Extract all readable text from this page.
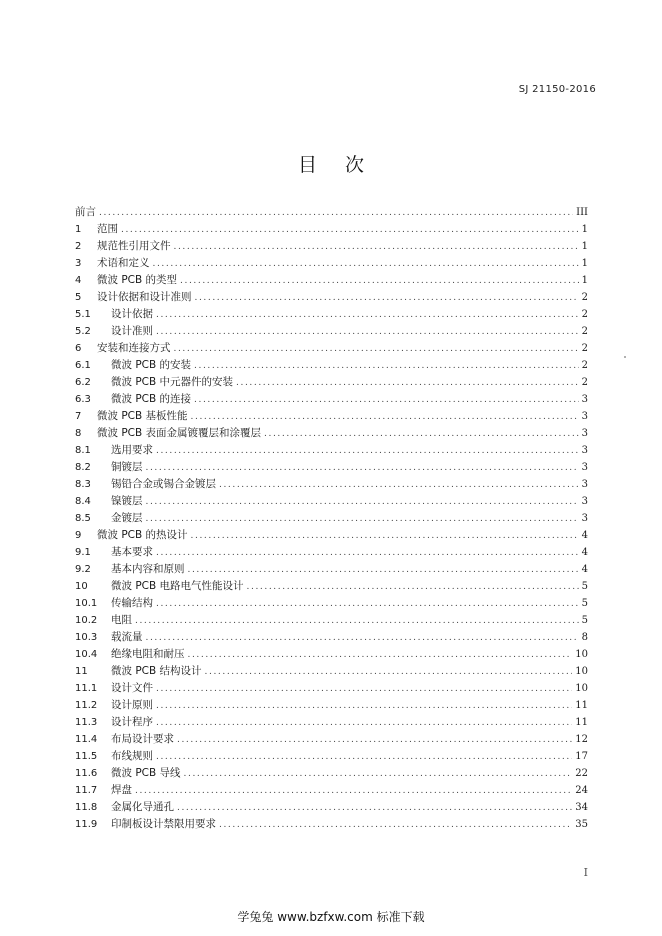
SJ 21150-2016
目次
前言 .....	III
1	范围 .....	1
2	规范性引用文件 .....	1
3	术语和定义 .....	1
4	微波 PCB 的类型 .....	1
5	设计依据和设计准则 .....	2
5.1	设计依据 .....	2
5.2	设计准则 .....	2
6	安装和连接方式 .....	2
6.1	微波 PCB 的安装 .....	2
6.2	微波 PCB 中元器件的安装 .....	2
6.3	微波 PCB 的连接 .....	3
7	微波 PCB 基板性能 .....	3
8	微波 PCB 表面金属镀覆层和涂覆层 .....	3
8.1	选用要求 .....	3
8.2	铜镀层 .....	3
8.3	锡铅合金或锡合金镀层 .....	3
8.4	镍镀层 .....	3
8.5	金镀层 .....	3
9	微波 PCB 的热设计 .....	4
9.1	基本要求 .....	4
9.2	基本内容和原则 .....	4
10	微波 PCB 电路电气性能设计 .....	5
10.1	传输结构 .....	5
10.2	电阻 .....	5
10.3	载流量 .....	8
10.4	绝缘电阻和耐压 .....	10
11	微波 PCB 结构设计 .....	10
11.1	设计文件 .....	10
11.2	设计原则 .....	11
11.3	设计程序 .....	11
11.4	布局设计要求 .....	12
11.5	布线规则 .....	17
11.6	微波 PCB 导线 .....	22
11.7	焊盘 .....	24
11.8	金属化导通孔 .....	34
11.9	印制板设计禁限用要求 .....	35
I
学兔兔 www.bzfxw.com 标准下载
